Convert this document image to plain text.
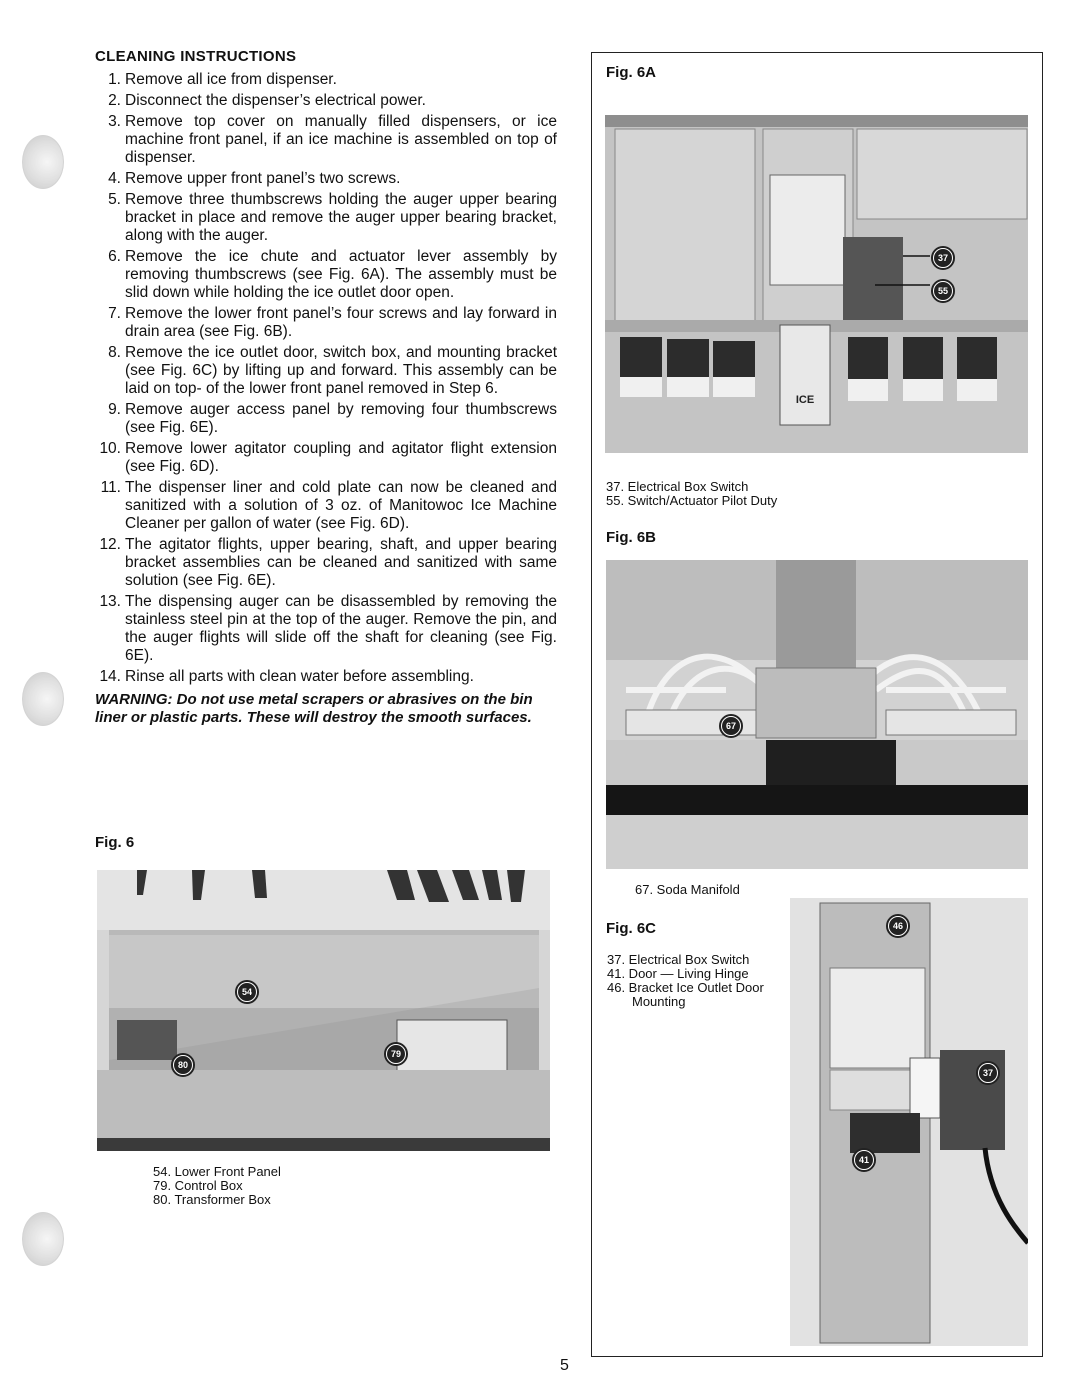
CLEANING INSTRUCTIONS
1. Remove all ice from dispenser.
2. Disconnect the dispenser’s electrical power.
3. Remove top cover on manually filled dispensers, or ice machine front panel, if an ice machine is assembled on top of dispenser.
4. Remove upper front panel’s two screws.
5. Remove three thumbscrews holding the auger upper bearing bracket in place and remove the auger upper bearing bracket, along with the auger.
6. Remove the ice chute and actuator lever assembly by removing thumbscrews (see Fig. 6A). The assembly must be slid down while holding the ice outlet door open.
7. Remove the lower front panel’s four screws and lay forward in drain area (see Fig. 6B).
8. Remove the ice outlet door, switch box, and mounting bracket (see Fig. 6C) by lifting up and forward. This assembly can be laid on top- of the lower front panel removed in Step 6.
9. Remove auger access panel by removing four thumbscrews (see Fig. 6E).
10. Remove lower agitator coupling and agitator flight extension (see Fig. 6D).
11. The dispenser liner and cold plate can now be cleaned and sanitized with a solution of 3 oz. of Manitowoc Ice Machine Cleaner per gallon of water (see Fig. 6D).
12. The agitator flights, upper bearing, shaft, and upper bearing bracket assemblies can be cleaned and sanitized with same solution (see Fig. 6E).
13. The dispensing auger can be disassembled by removing the stainless steel pin at the top of the auger. Remove the pin, and the auger flights will slide off the shaft for cleaning (see Fig. 6E).
14. Rinse all parts with clean water before assembling.
WARNING: Do not use metal scrapers or abrasives on the bin liner or plastic parts. These will destroy the smooth surfaces.
Fig. 6
54
80
79
54. Lower Front Panel
79. Control Box
80. Transformer Box
Fig. 6A
ICE
37
55
37. Electrical Box Switch
55. Switch/Actuator Pilot Duty
Fig. 6B
67
67. Soda Manifold
Fig. 6C
37. Electrical Box Switch
41. Door — Living Hinge
46. Bracket Ice Outlet Door Mounting
46
37
41
5
